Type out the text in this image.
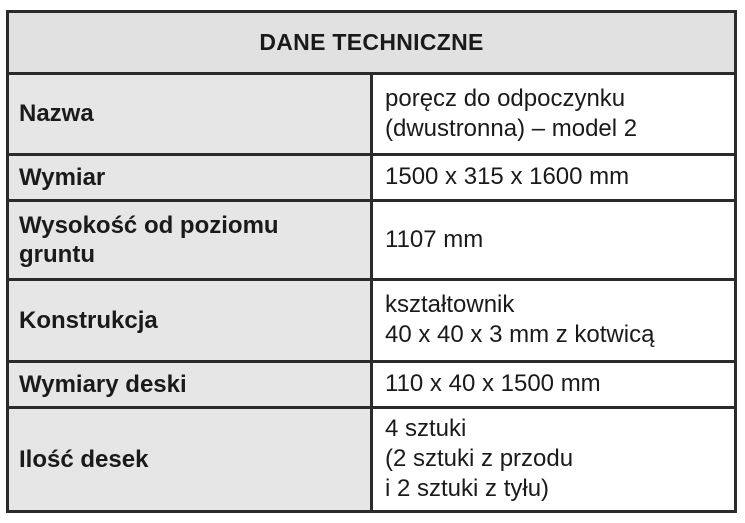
DANE TECHNICZNE	
Nazwa	poręcz do odpoczynku
(dwustronna) – model 2

Wymiar	1500 x 315 x 1600 mm

Wysokość od poziomu
gruntu	1107 mm

Konstrukcja	kształtownik
40 x 40 x 3 mm z kotwicą

Wymiary deski	110 x 40 x 1500 mm

Ilość desek	4 sztuki
(2 sztuki z przodu
i 2 sztuki z tyłu)
